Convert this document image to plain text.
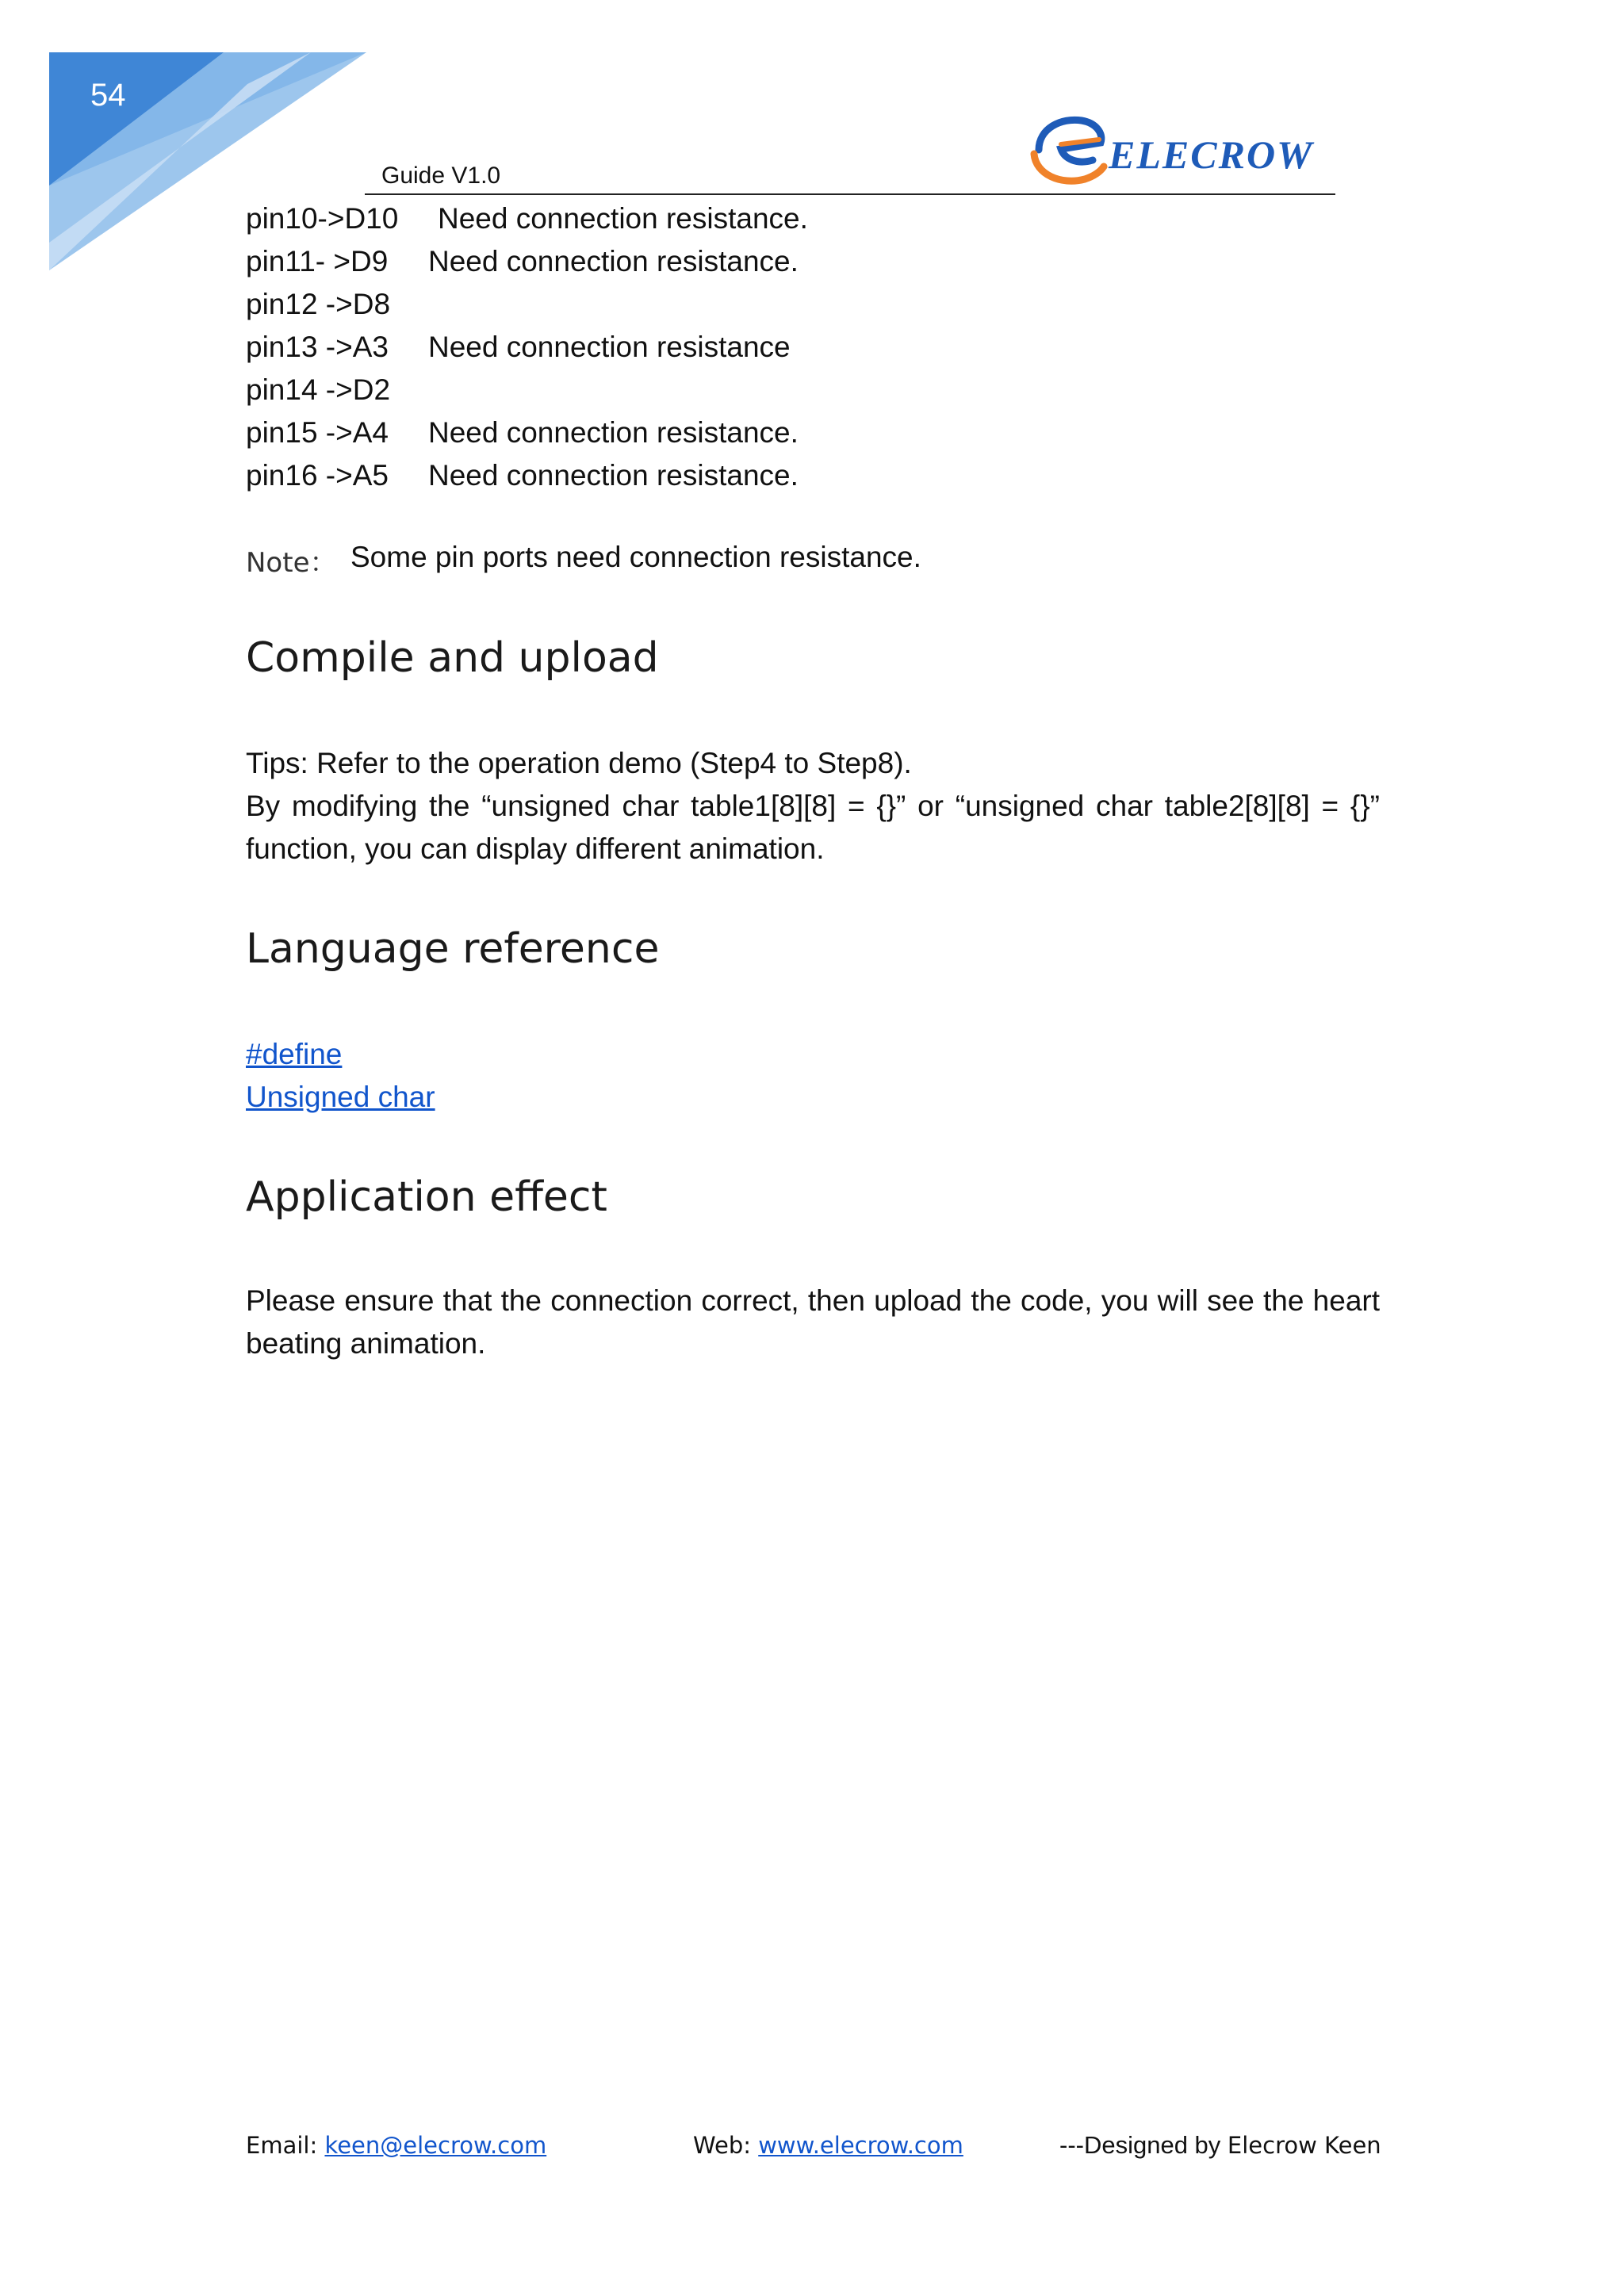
54
Guide V1.0	ELECROW
pin10->D10 Need connection resistance.
pin11- >D9 Need connection resistance.
pin12 ->D8
pin13 ->A3 Need connection resistance
pin14 ->D2
pin15 ->A4 Need connection resistance.
pin16 ->A5 Need connection resistance.
Note： Some pin ports need connection resistance.
Compile and upload
Tips: Refer to the operation demo (Step4 to Step8).
By modifying the “unsigned char table1[8][8] = {}” or “unsigned char table2[8][8] = {}”
function, you can display different animation.
Language reference
#define
Unsigned char
Application effect

Please ensure that the connection correct, then upload the code, you will see the heart beating animation.

Email: keen@elecrow.com	Web: www.elecrow.com	---Designed by Elecrow Keen
